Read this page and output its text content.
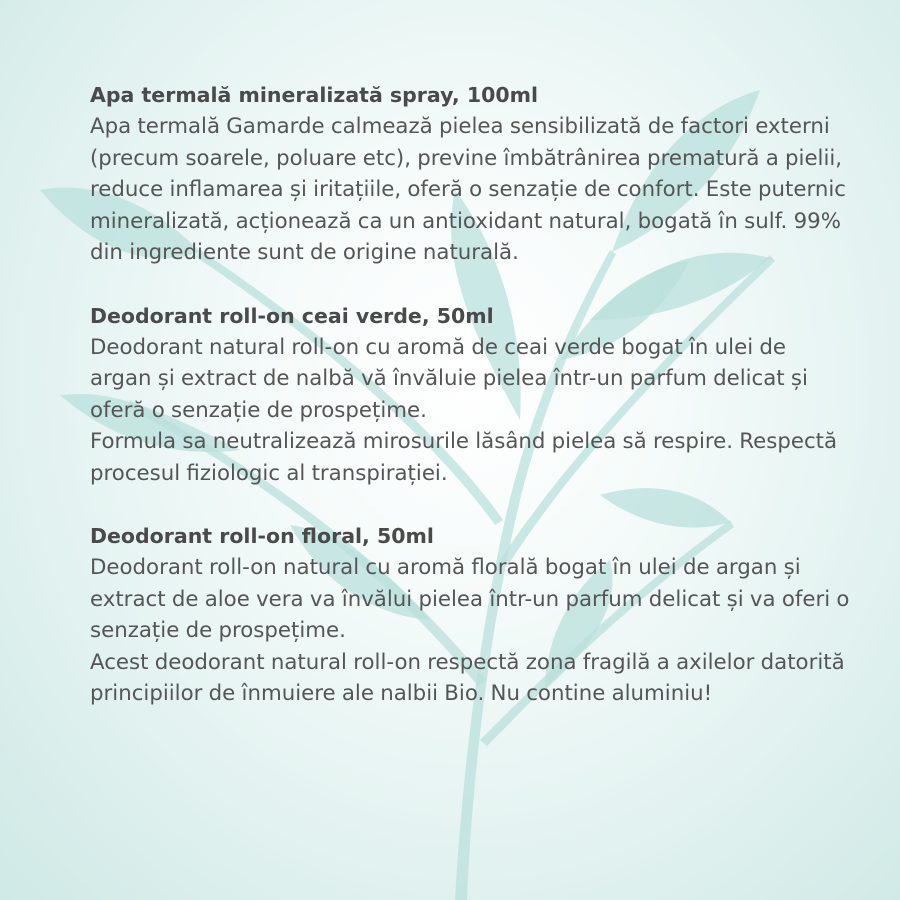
Apa termală mineralizată spray, 100ml

Apa termală Gamarde calmează pielea sensibilizată de factori externi (precum soarele, poluare etc), previne îmbătrânirea prematură a pielii, reduce inflamarea și iritațiile, oferă o senzație de confort. Este puternic mineralizată, acționează ca un antioxidant natural, bogată în sulf. 99% din ingrediente sunt de origine naturală.

Deodorant roll-on ceai verde, 50ml

Deodorant natural roll-on cu aromă de ceai verde bogat în ulei de argan și extract de nalbă vă învăluie pielea într-un parfum delicat și oferă o senzație de prospețime.

Formula sa neutralizează mirosurile lăsând pielea să respire. Respectă procesul fiziologic al transpirației.

Deodorant roll-on floral, 50ml

Deodorant roll-on natural cu aromă florală bogat în ulei de argan și extract de aloe vera va învălui pielea într-un parfum delicat și va oferi o senzație de prospețime.

Acest deodorant natural roll-on respectă zona fragilă a axilelor datorită principiilor de înmuiere ale nalbii Bio. Nu contine aluminiu!
